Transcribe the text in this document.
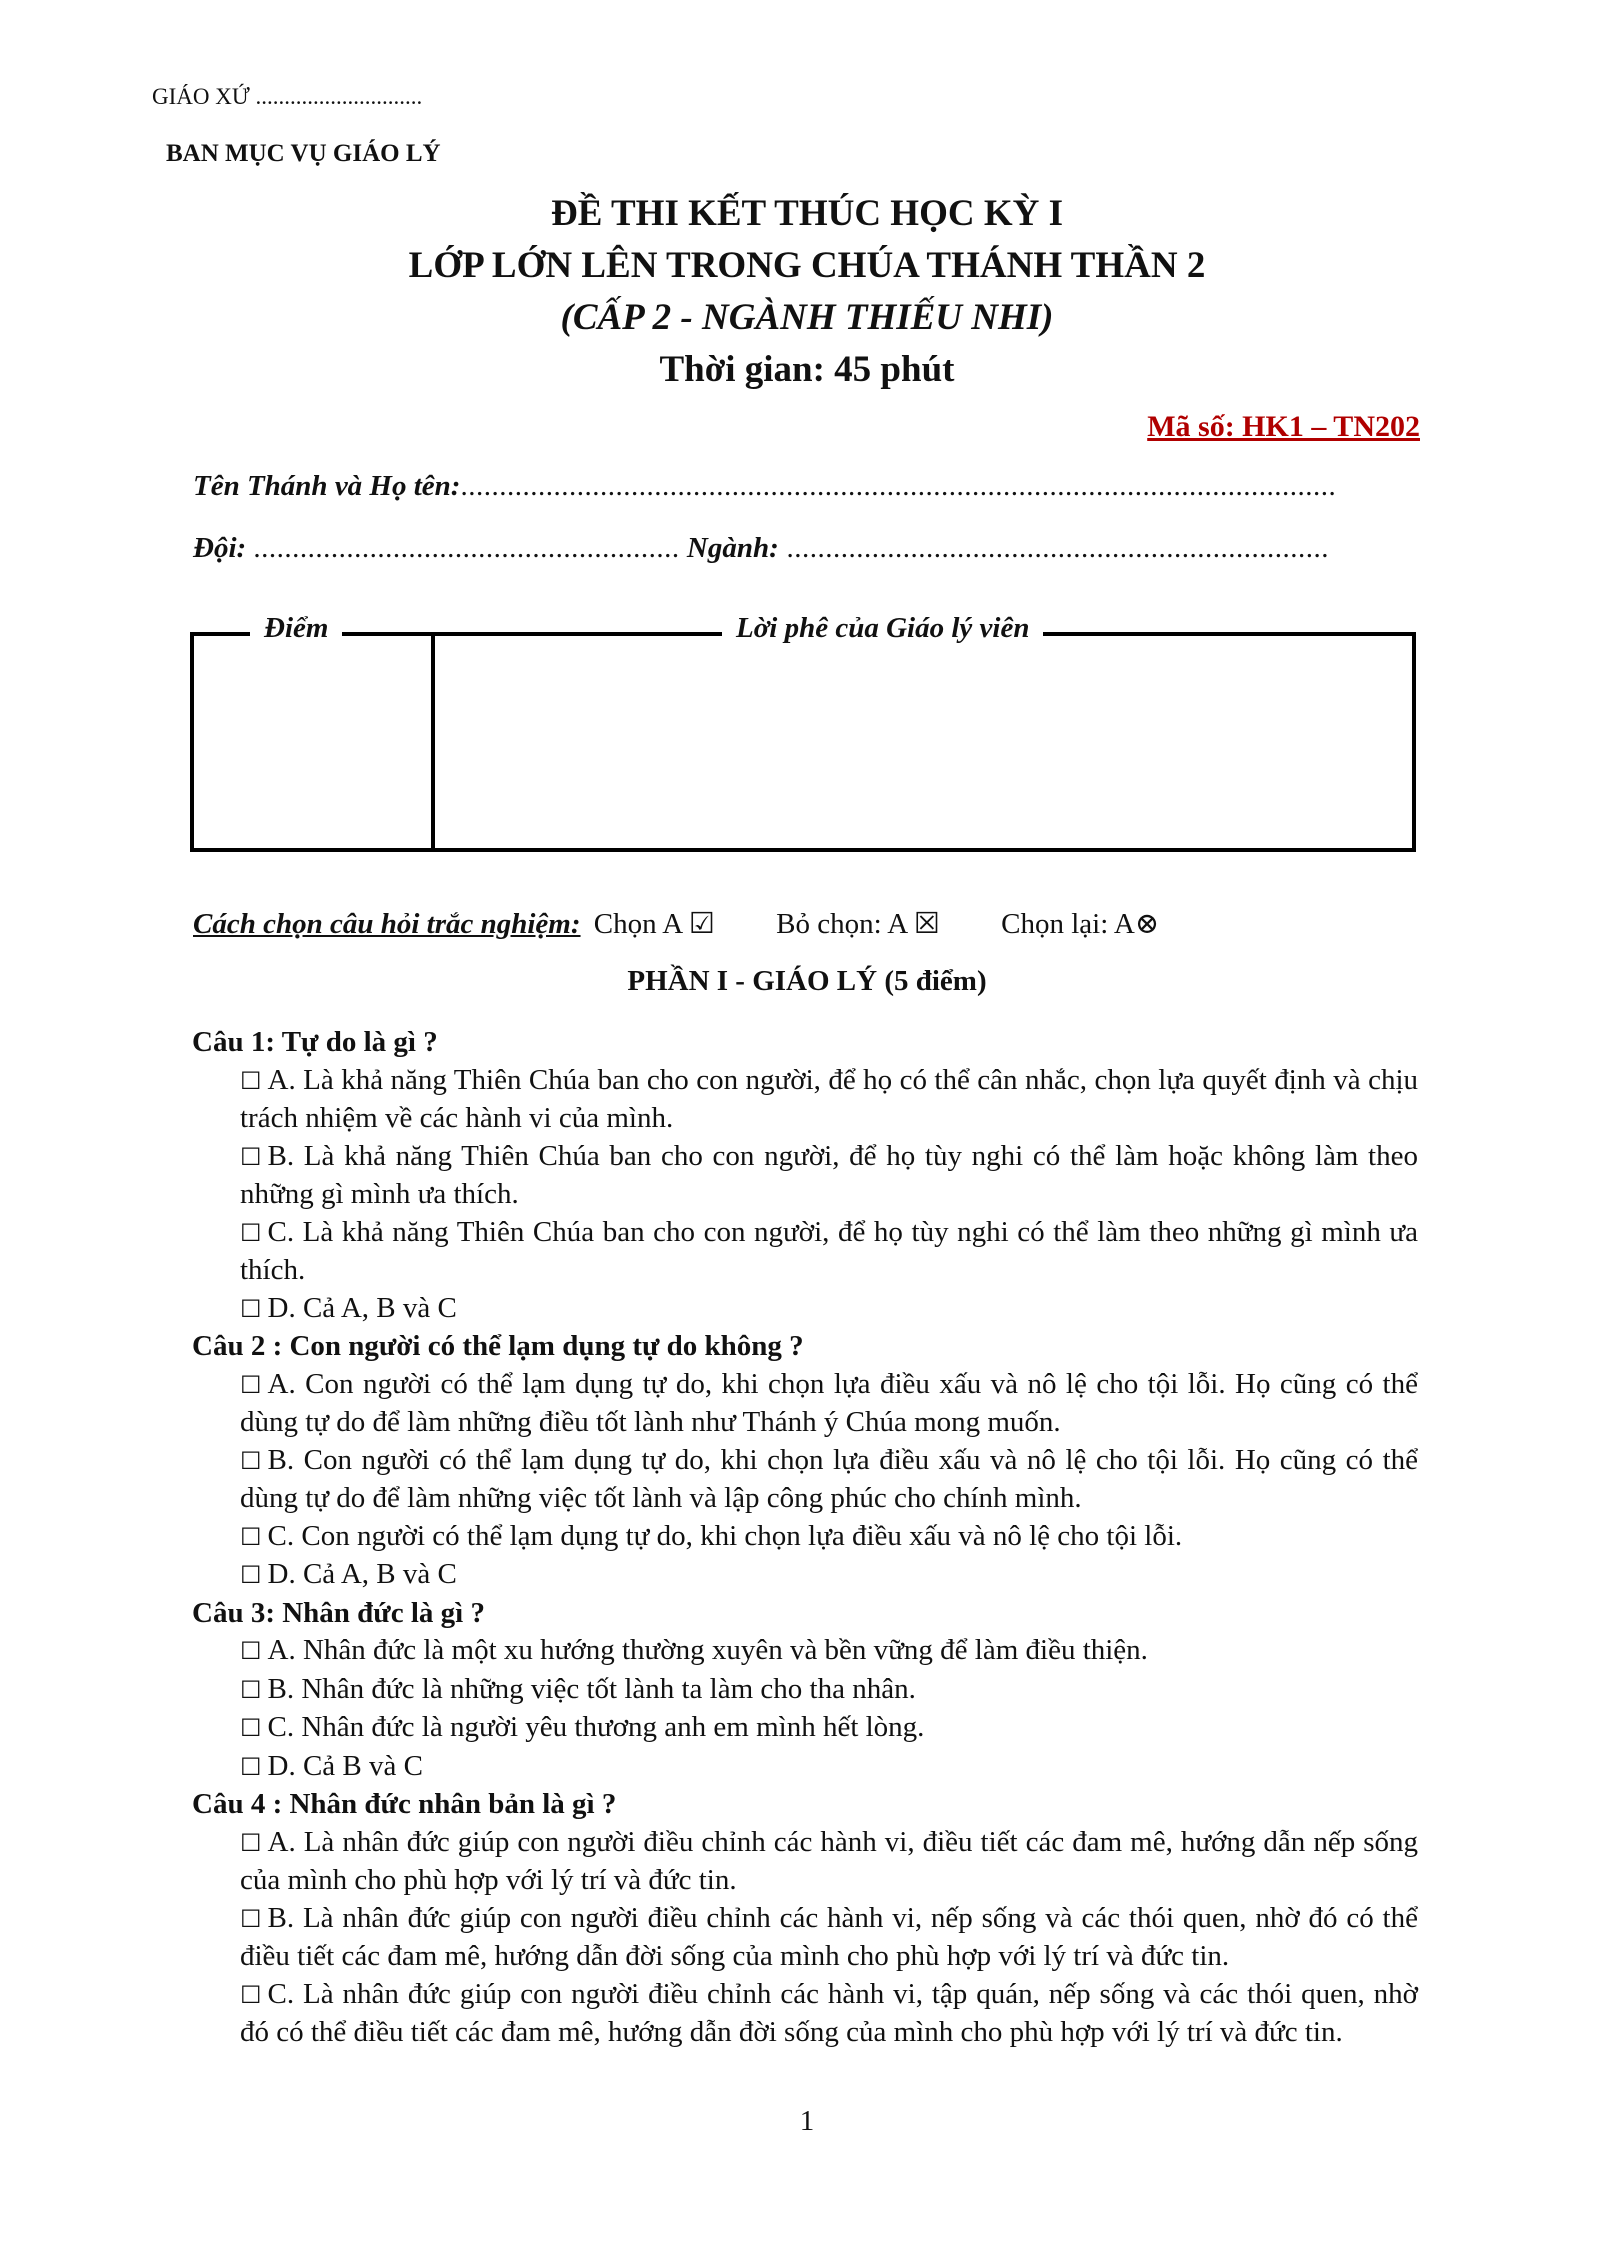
GIÁO XỨ .............................
BAN MỤC VỤ GIÁO LÝ
ĐỀ THI KẾT THÚC HỌC KỲ I
LỚP LỚN LÊN TRONG CHÚA THÁNH THẦN 2
(CẤP 2 - NGÀNH THIẾU NHI)
Thời gian: 45 phút
Mã số: HK1 – TN202
Tên Thánh và Họ tên:.................................................................................................................
Đội: ....................................................... Ngành: ......................................................................
Điểm	Lời phê của Giáo lý viên
Cách chọn câu hỏi trắc nghiệm: Chọn A ☑ Bỏ chọn: A ☒ Chọn lại: A⊗
PHẦN I - GIÁO LÝ (5 điểm)
Câu 1: Tự do là gì ?
☐ A. Là khả năng Thiên Chúa ban cho con người, để họ có thể cân nhắc, chọn lựa quyết định và chịu trách nhiệm về các hành vi của mình.
☐ B. Là khả năng Thiên Chúa ban cho con người, để họ tùy nghi có thể làm hoặc không làm theo những gì mình ưa thích.
☐ C. Là khả năng Thiên Chúa ban cho con người, để họ tùy nghi có thể làm theo những gì mình ưa thích.
☐ D. Cả A, B và C
Câu 2 : Con người có thể lạm dụng tự do không ?
☐ A. Con người có thể lạm dụng tự do, khi chọn lựa điều xấu và nô lệ cho tội lỗi. Họ cũng có thể dùng tự do để làm những điều tốt lành như Thánh ý Chúa mong muốn.
☐ B. Con người có thể lạm dụng tự do, khi chọn lựa điều xấu và nô lệ cho tội lỗi. Họ cũng có thể dùng tự do để làm những việc tốt lành và lập công phúc cho chính mình.
☐ C. Con người có thể lạm dụng tự do, khi chọn lựa điều xấu và nô lệ cho tội lỗi.
☐ D. Cả A, B và C
Câu 3: Nhân đức là gì ?
☐ A. Nhân đức là một xu hướng thường xuyên và bền vững để làm điều thiện.
☐ B. Nhân đức là những việc tốt lành ta làm cho tha nhân.
☐ C. Nhân đức là người yêu thương anh em mình hết lòng.
☐ D. Cả B và C
Câu 4 : Nhân đức nhân bản là gì ?
☐ A. Là nhân đức giúp con người điều chỉnh các hành vi, điều tiết các đam mê, hướng dẫn nếp sống của mình cho phù hợp với lý trí và đức tin.
☐ B. Là nhân đức giúp con người điều chỉnh các hành vi, nếp sống và các thói quen, nhờ đó có thể điều tiết các đam mê, hướng dẫn đời sống của mình cho phù hợp với lý trí và đức tin.
☐ C. Là nhân đức giúp con người điều chỉnh các hành vi, tập quán, nếp sống và các thói quen, nhờ đó có thể điều tiết các đam mê, hướng dẫn đời sống của mình cho phù hợp với lý trí và đức tin.
1
